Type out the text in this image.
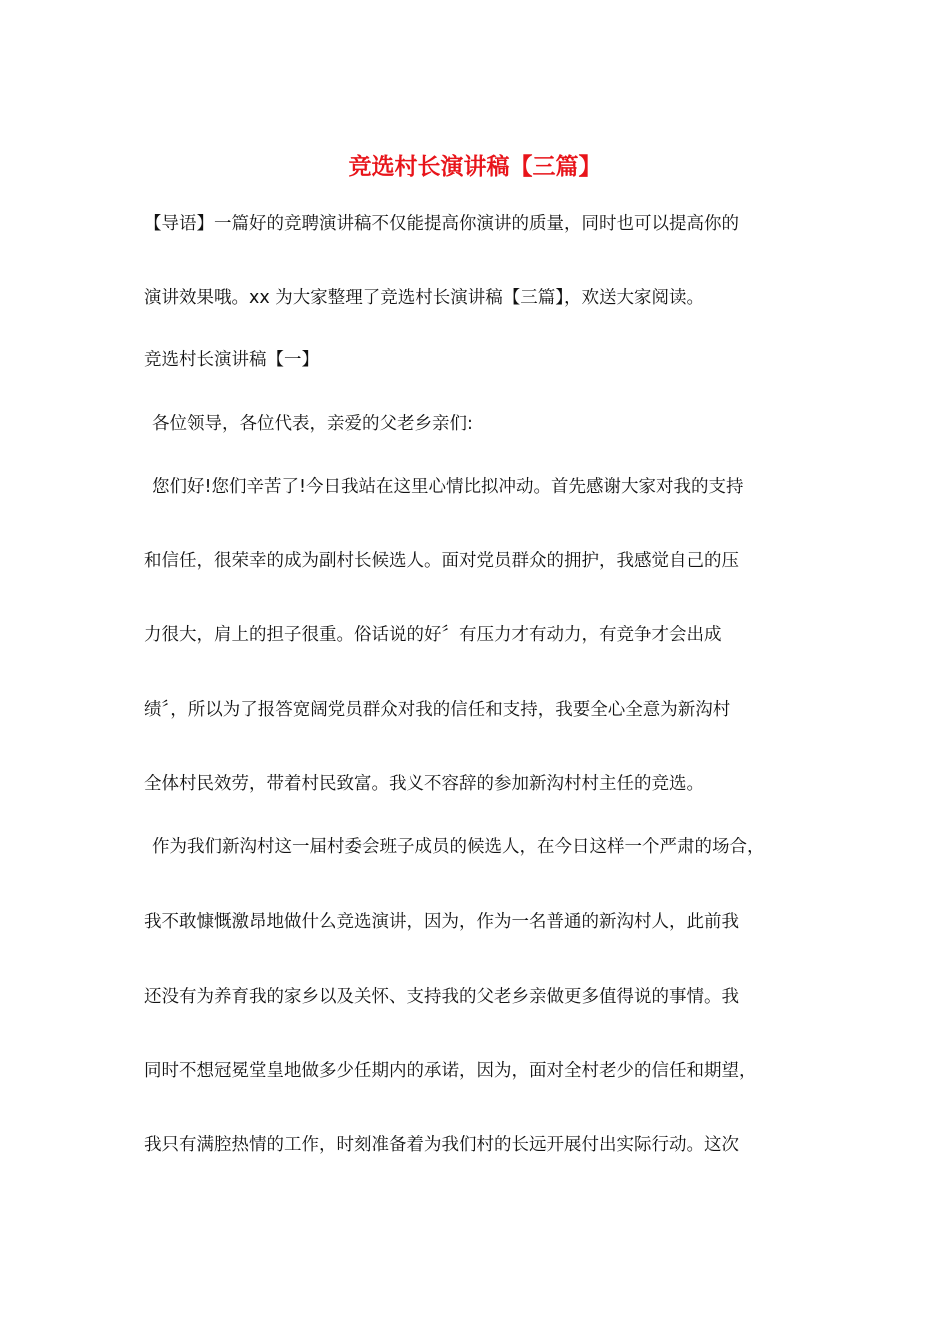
竞选村长演讲稿【三篇】
【导语】一篇好的竞聘演讲稿不仅能提高你演讲的质量，同时也可以提高你的
演讲效果哦。xx 为大家整理了竞选村长演讲稿【三篇】，欢送大家阅读。
竞选村长演讲稿【一】
各位领导，各位代表，亲爱的父老乡亲们:
您们好!您们辛苦了!今日我站在这里心情比拟冲动。首先感谢大家对我的支持
和信任，很荣幸的成为副村长候选人。面对党员群众的拥护，我感觉自己的压
力很大，肩上的担子很重。俗话说的好〞有压力才有动力，有竞争才会出成
绩〞，所以为了报答宽阔党员群众对我的信任和支持，我要全心全意为新沟村
全体村民效劳，带着村民致富。我义不容辞的参加新沟村村主任的竞选。
作为我们新沟村这一届村委会班子成员的候选人，在今日这样一个严肃的场合，
我不敢慷慨激昂地做什么竞选演讲，因为，作为一名普通的新沟村人，此前我
还没有为养育我的家乡以及关怀、支持我的父老乡亲做更多值得说的事情。我
同时不想冠冕堂皇地做多少任期内的承诺，因为，面对全村老少的信任和期望，
我只有满腔热情的工作，时刻准备着为我们村的长远开展付出实际行动。这次
